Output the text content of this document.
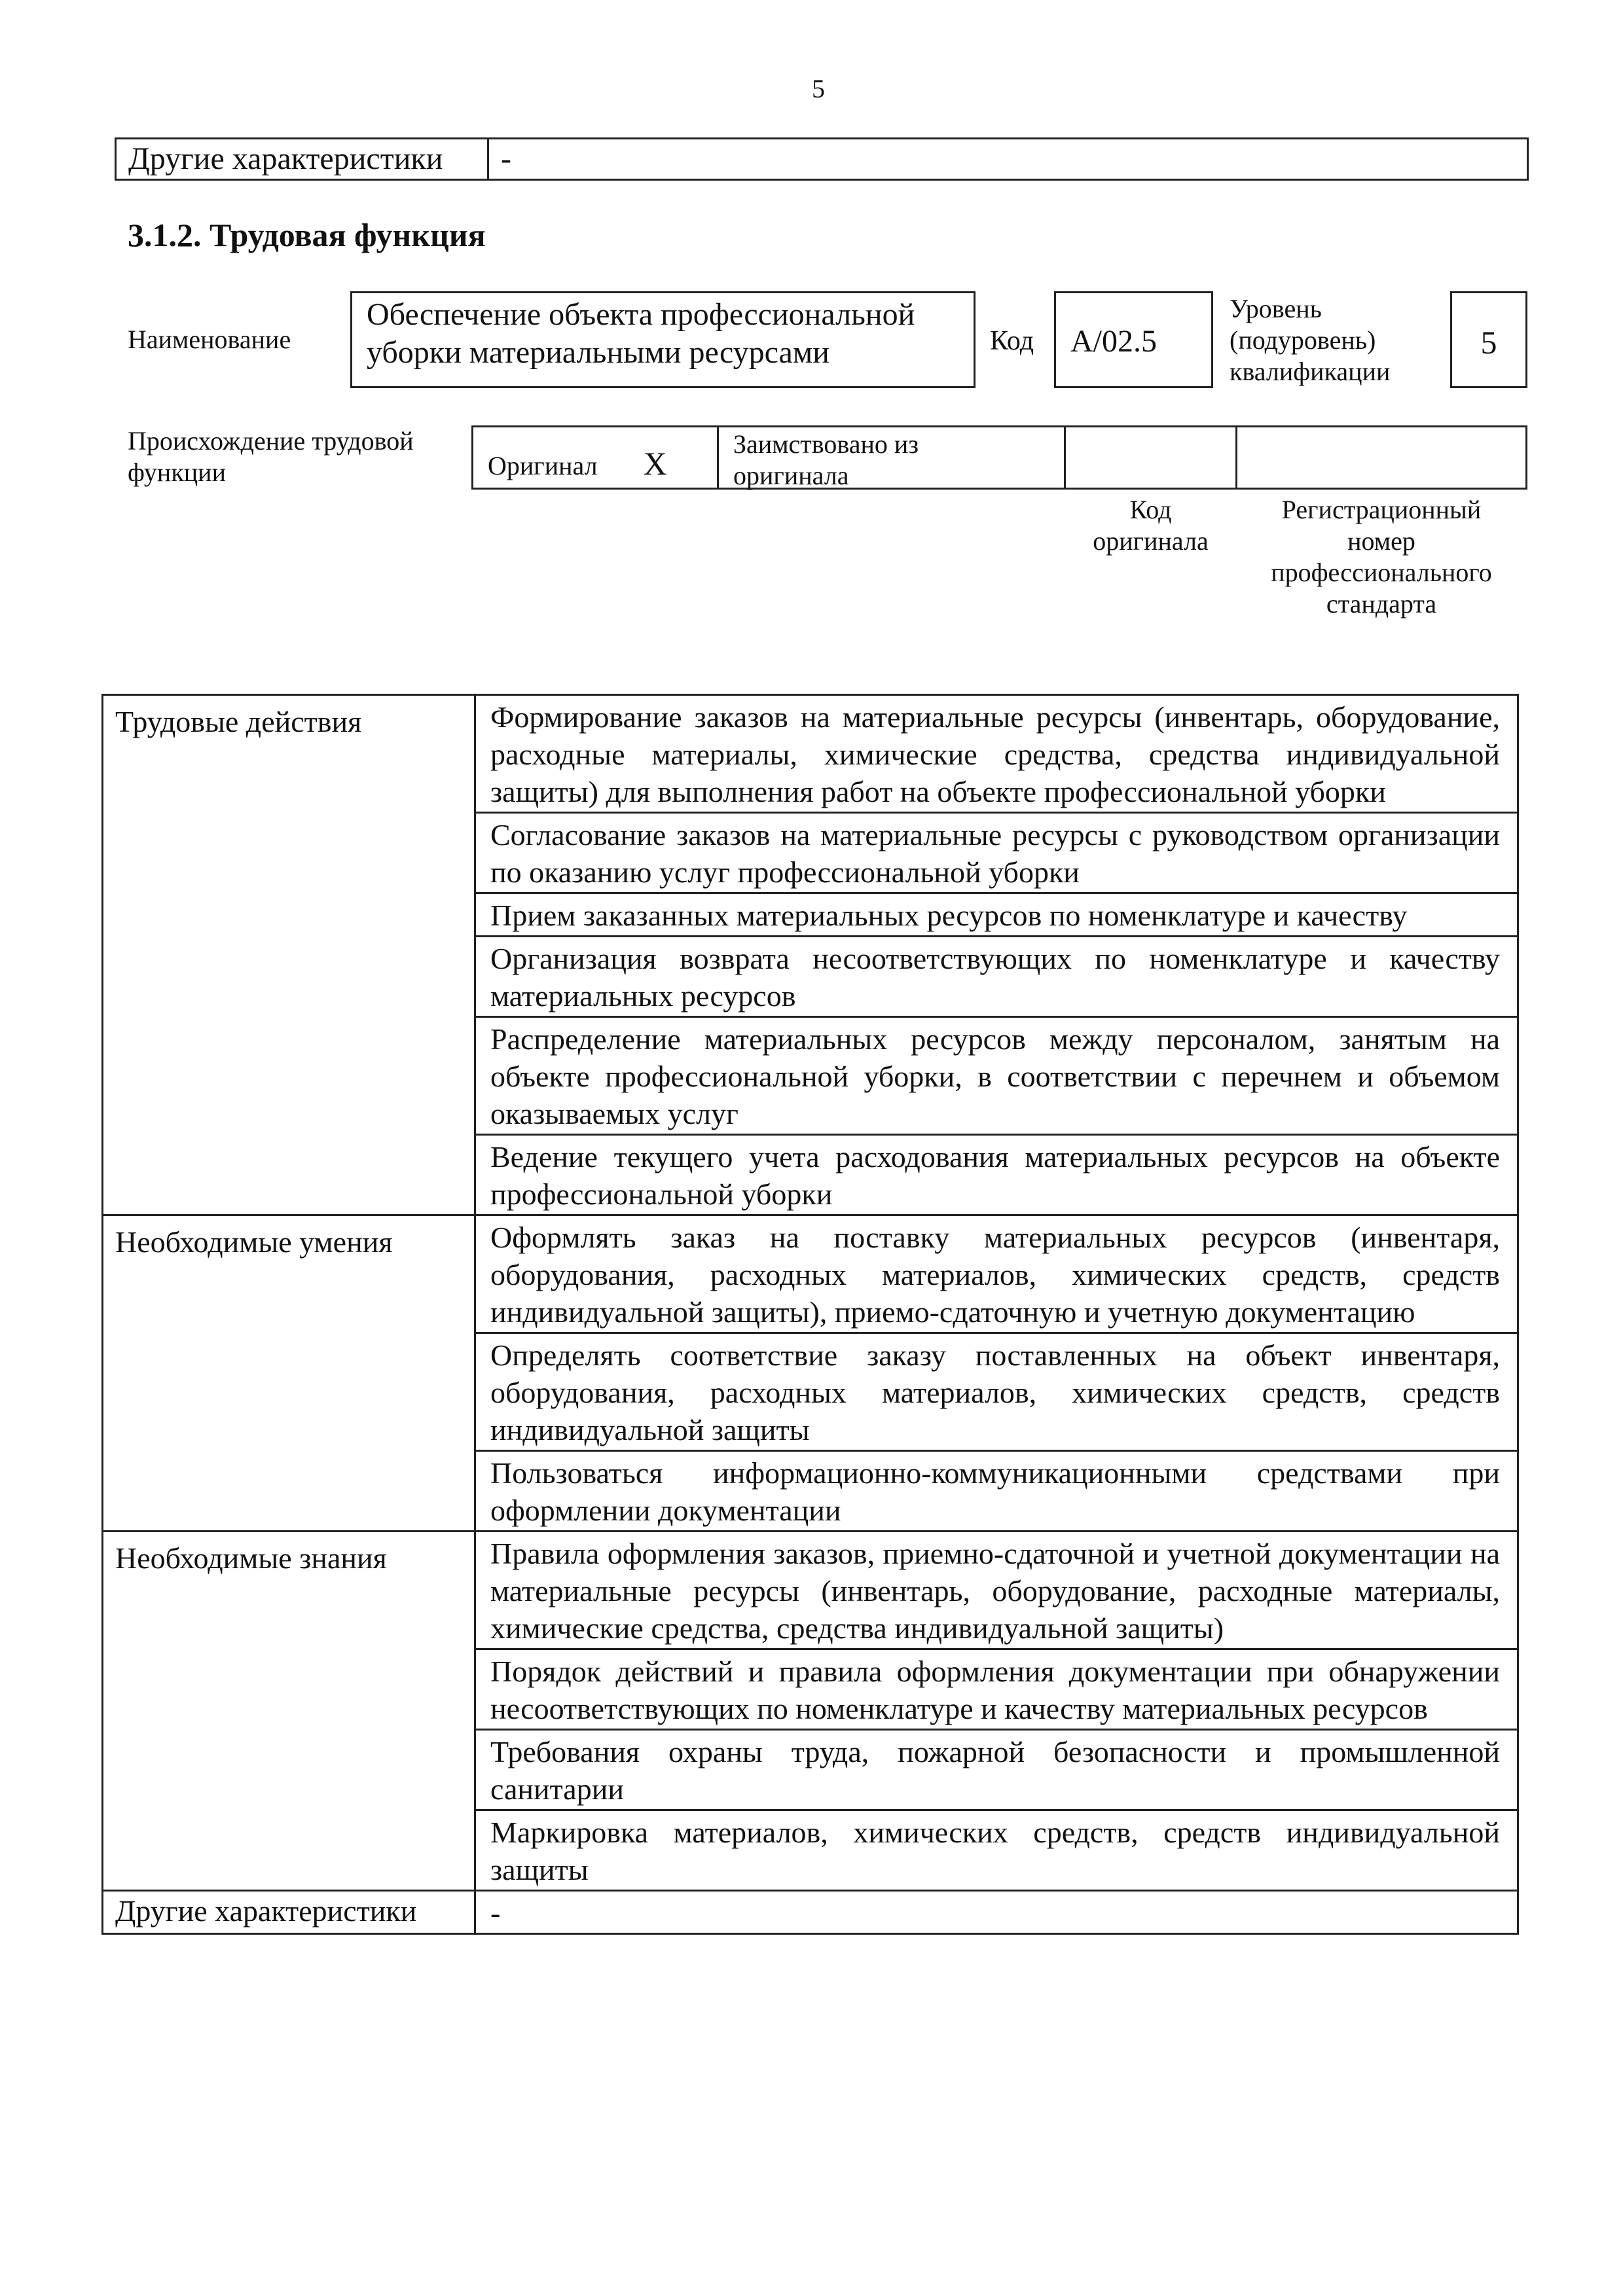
5
Другие характеристики	-
3.1.2. Трудовая функция
Наименование
Обеспечение объекта профессиональной
уборки материальными ресурсами	Код	А/02.5
Уровень
(подуровень)
квалификации
5
Происхождение трудовой
функции	Оригинал X
Заимствовано из
оригинала
Код
оригинала
Регистрационный
номер
профессионального
стандарта
Трудовые действия	Формирование заказов на материальные ресурсы (инвентарь, оборудование, расходные материалы, химические средства, средства индивидуальной защиты) для выполнения работ на объекте профессиональной уборки
	Согласование заказов на материальные ресурсы с руководством организации по оказанию услуг профессиональной уборки
	Прием заказанных материальных ресурсов по номенклатуре и качеству
	Организация возврата несоответствующих по номенклатуре и качеству материальных ресурсов
	Распределение материальных ресурсов между персоналом, занятым на объекте профессиональной уборки, в соответствии с перечнем и объемом оказываемых услуг
	Ведение текущего учета расходования материальных ресурсов на объекте профессиональной уборки
Необходимые умения	Оформлять заказ на поставку материальных ресурсов (инвентаря, оборудования, расходных материалов, химических средств, средств индивидуальной защиты), приемо-сдаточную и учетную документацию
	Определять соответствие заказу поставленных на объект инвентаря, оборудования, расходных материалов, химических средств, средств индивидуальной защиты
	Пользоваться информационно-коммуникационными средствами при оформлении документации
Необходимые знания	Правила оформления заказов, приемно-сдаточной и учетной документации на материальные ресурсы (инвентарь, оборудование, расходные материалы, химические средства, средства индивидуальной защиты)
	Порядок действий и правила оформления документации при обнаружении несоответствующих по номенклатуре и качеству материальных ресурсов
	Требования охраны труда, пожарной безопасности и промышленной санитарии
	Маркировка материалов, химических средств, средств индивидуальной защиты
Другие характеристики	-
